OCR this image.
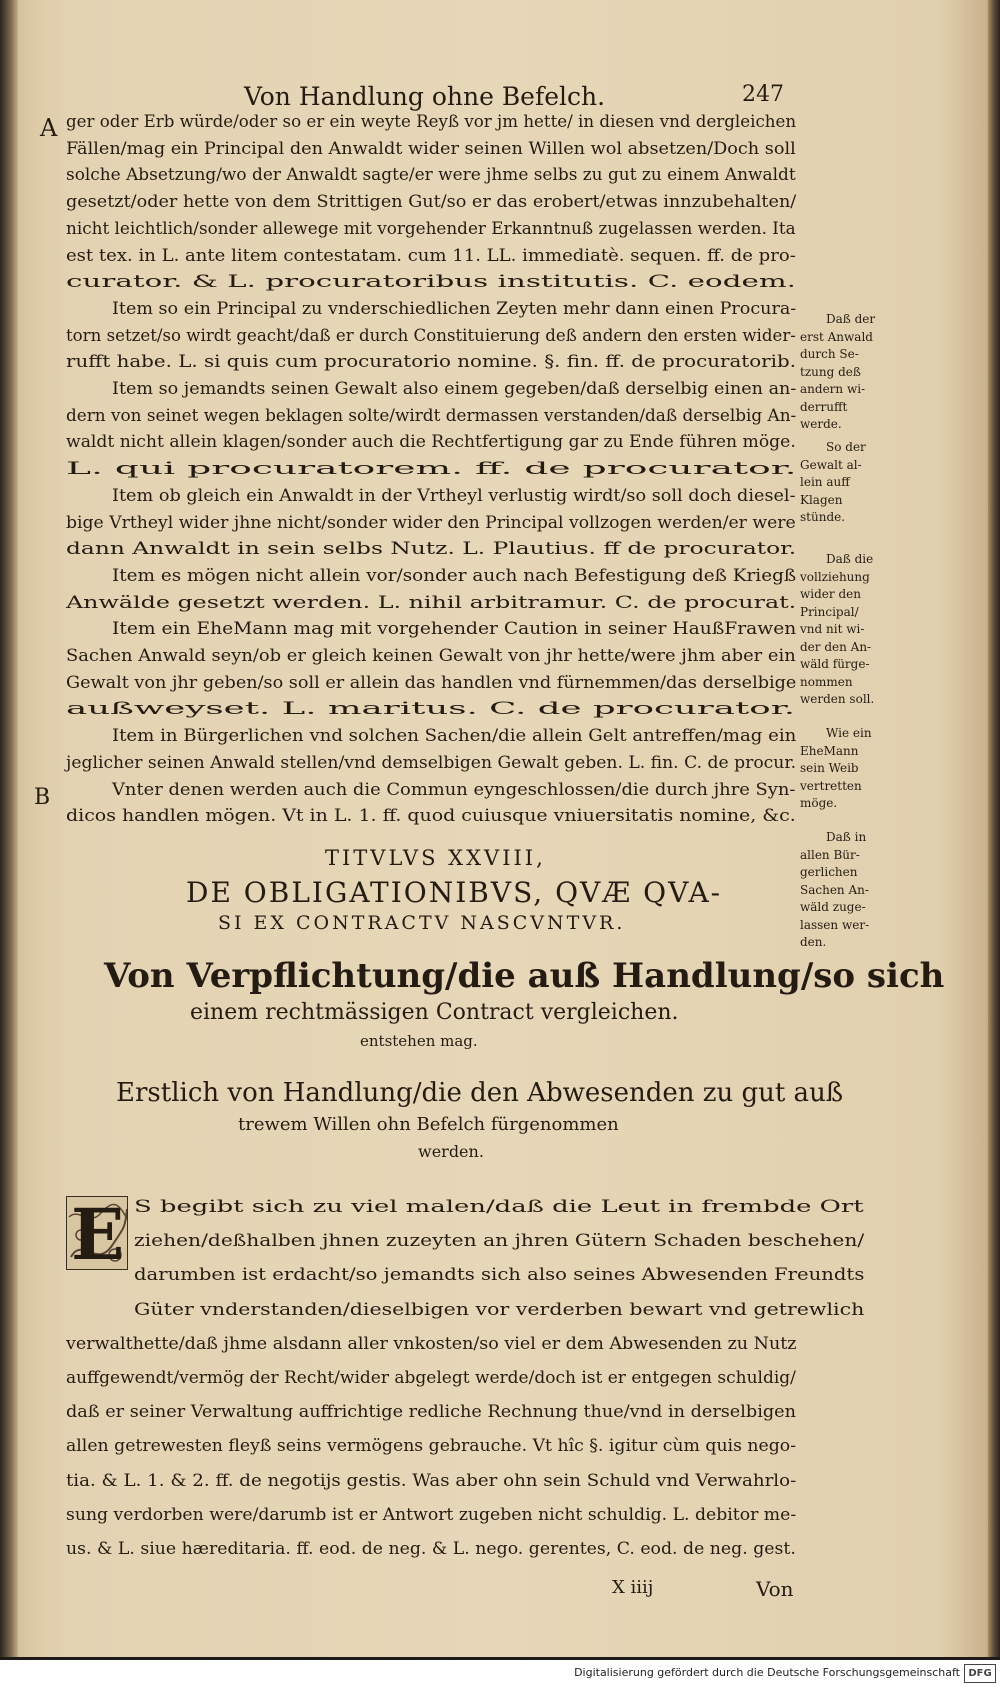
Von Handlung ohne Befelch.	247
A
B
ger oder Erb würde/oder so er ein weyte Reyß vor jm hette/ in diesen vnd dergleichen
Fällen/mag ein Principal den Anwaldt wider seinen Willen wol absetzen/Doch soll
solche Absetzung/wo der Anwaldt sagte/er were jhme selbs zu gut zu einem Anwaldt
gesetzt/oder hette von dem Strittigen Gut/so er das erobert/etwas innzubehalten/
nicht leichtlich/sonder allewege mit vorgehender Erkanntnuß zugelassen werden. Ita
est tex. in L. ante litem contestatam. cum 11. LL. immediatè. sequen. ff. de pro-
curator. & L. procuratoribus institutis. C. eodem.
Item so ein Principal zu vnderschiedlichen Zeyten mehr dann einen Procura-
torn setzet/so wirdt geacht/daß er durch Constituierung deß andern den ersten wider-
rufft habe. L. si quis cum procuratorio nomine. §. fin. ff. de procuratorib.
Item so jemandts seinen Gewalt also einem gegeben/daß derselbig einen an-
dern von seinet wegen beklagen solte/wirdt dermassen verstanden/daß derselbig An-
waldt nicht allein klagen/sonder auch die Rechtfertigung gar zu Ende führen möge.
L. qui procuratorem. ff. de procurator.
Item ob gleich ein Anwaldt in der Vrtheyl verlustig wirdt/so soll doch diesel-
bige Vrtheyl wider jhne nicht/sonder wider den Principal vollzogen werden/er were
dann Anwaldt in sein selbs Nutz. L. Plautius. ff de procurator.
Item es mögen nicht allein vor/sonder auch nach Befestigung deß Kriegß
Anwälde gesetzt werden. L. nihil arbitramur. C. de procurat.
Item ein EheMann mag mit vorgehender Caution in seiner HaußFrawen
Sachen Anwald seyn/ob er gleich keinen Gewalt von jhr hette/were jhm aber ein
Gewalt von jhr geben/so soll er allein das handlen vnd fürnemmen/das derselbige
außweyset. L. maritus. C. de procurator.
Item in Bürgerlichen vnd solchen Sachen/die allein Gelt antreffen/mag ein
jeglicher seinen Anwald stellen/vnd demselbigen Gewalt geben. L. fin. C. de procur.
Vnter denen werden auch die Commun eyngeschlossen/die durch jhre Syn-
dicos handlen mögen. Vt in L. 1. ff. quod cuiusque vniuersitatis nomine, &c.
TITVLVS XXVIII,
DE OBLIGATIONIBVS, QVÆ QVA-
SI EX CONTRACTV NASCVNTVR.
Von Verpflichtung/die auß Handlung/so sich
einem rechtmässigen Contract vergleichen.
entstehen mag.
Erstlich von Handlung/die den Abwesenden zu gut auß
trewem Willen ohn Befelch fürgenommen
werden.
E S begibt sich zu viel malen/daß die Leut in frembde Ort
ziehen/deßhalben jhnen zuzeyten an jhren Gütern Schaden beschehen/
darumben ist erdacht/so jemandts sich also seines Abwesenden Freundts
Güter vnderstanden/dieselbigen vor verderben bewart vnd getrewlich
verwalthette/daß jhme alsdann aller vnkosten/so viel er dem Abwesenden zu Nutz
auffgewendt/vermög der Recht/wider abgelegt werde/doch ist er entgegen schuldig/
daß er seiner Verwaltung auffrichtige redliche Rechnung thue/vnd in derselbigen
allen getrewesten fleyß seins vermögens gebrauche. Vt hîc §. igitur cùm quis nego-
tia. & L. 1. & 2. ff. de negotijs gestis. Was aber ohn sein Schuld vnd Verwahrlo-
sung verdorben were/darumb ist er Antwort zugeben nicht schuldig. L. debitor me-
us. & L. siue hæreditaria. ff. eod. de neg. & L. nego. gerentes, C. eod. de neg. gest.
X iiij	Von
Daß der
erst Anwald
durch Se-
tzung deß
andern wi-
derrufft
werde.
So der
Gewalt al-
lein auff
Klagen
stünde.
Daß die
vollziehung
wider den
Principal/
vnd nit wi-
der den An-
wäld fürge-
nommen
werden soll.
Wie ein
EheMann
sein Weib
vertretten
möge.
Daß in
allen Bür-
gerlichen
Sachen An-
wäld zuge-
lassen wer-
den.
Digitalisierung gefördert durch die Deutsche Forschungsgemeinschaft DFG
